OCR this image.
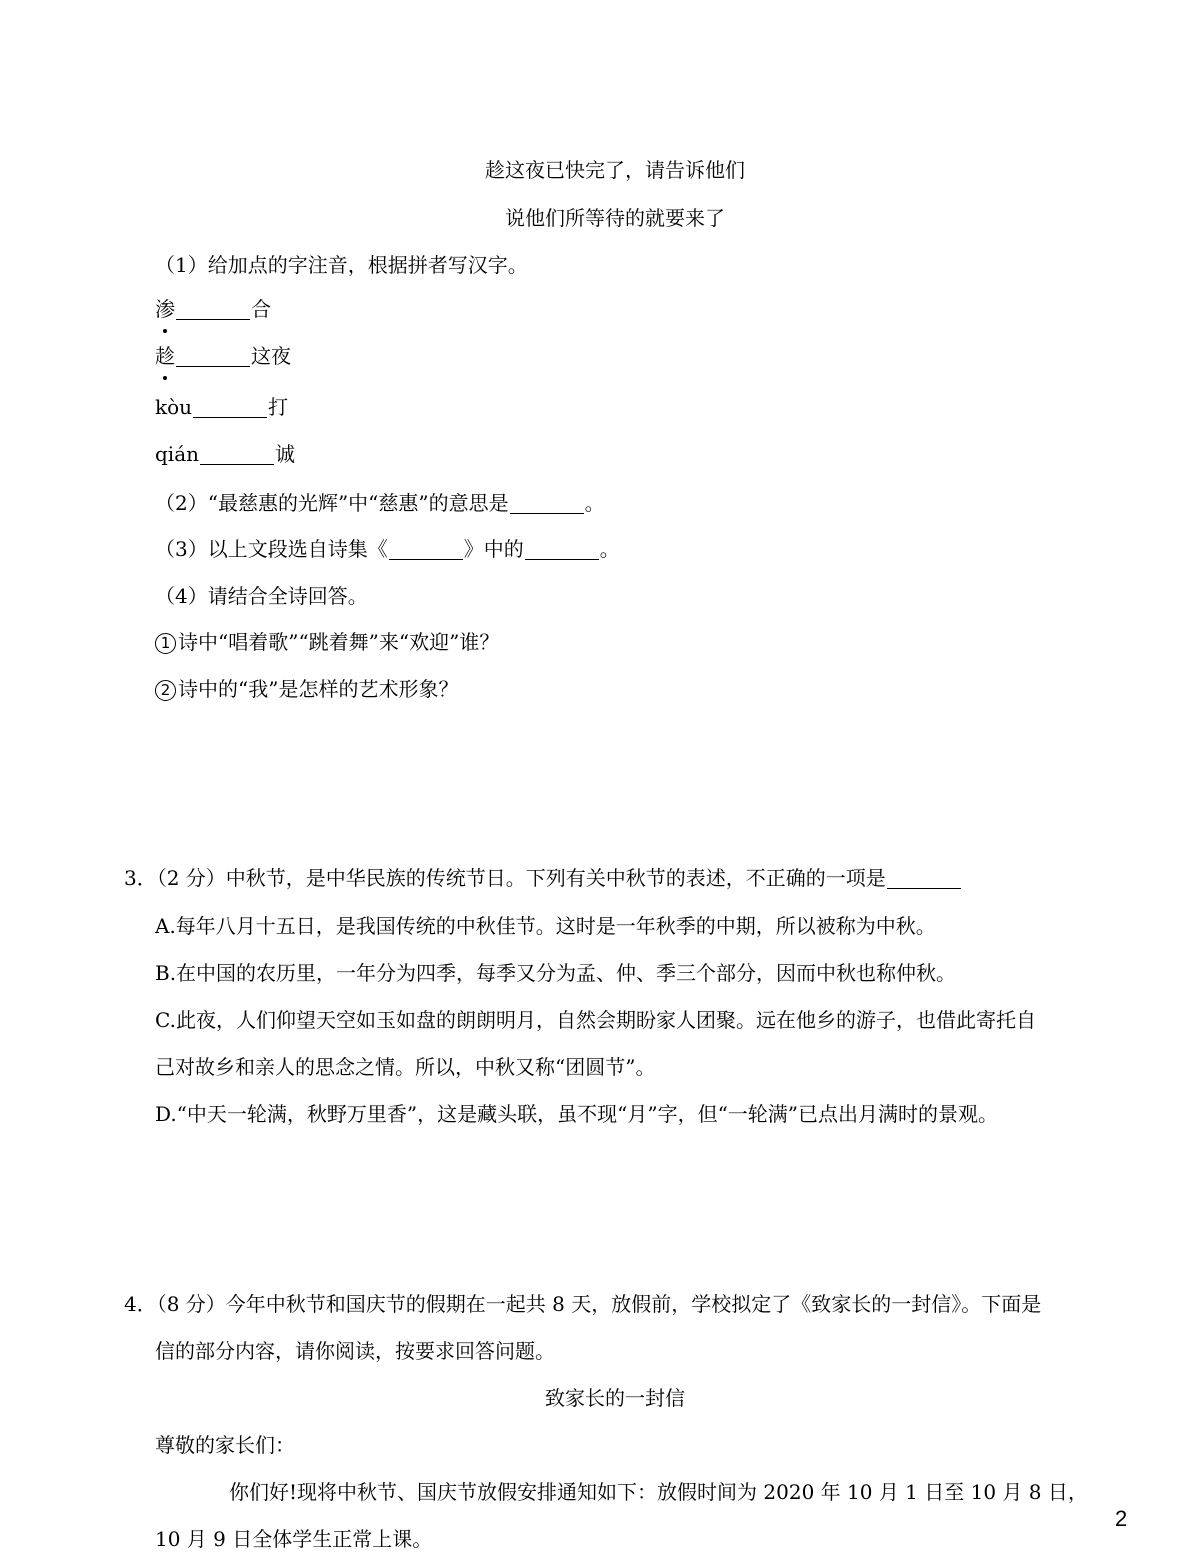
趁这夜已快完了，请告诉他们
说他们所等待的就要来了
（1）给加点的字注音，根据拼者写汉字。
渗	合
趁	这夜
kòu	打
qián	诚
（2）“最慈惠的光辉”中“慈惠”的意思是	。
（3）以上文段选自诗集《	》中的	。
（4）请结合全诗回答。
1 诗中“唱着歌”“跳着舞”来“欢迎”谁？
2 诗中的“我”是怎样的艺术形象？
3．（2 分）中秋节，是中华民族的传统节日。下列有关中秋节的表述，不正确的一项是
A.每年八月十五日，是我国传统的中秋佳节。这时是一年秋季的中期，所以被称为中秋。
B.在中国的农历里，一年分为四季，每季又分为孟、仲、季三个部分，因而中秋也称仲秋。
C.此夜，人们仰望天空如玉如盘的朗朗明月，自然会期盼家人团聚。远在他乡的游子，也借此寄托自
己对故乡和亲人的思念之情。所以，中秋又称“团圆节”。
D.“中天一轮满，秋野万里香”，这是藏头联，虽不现“月”字，但“一轮满”已点出月满时的景观。
4．（8 分）今年中秋节和国庆节的假期在一起共 8 天，放假前，学校拟定了《致家长的一封信》。下面是
信的部分内容，请你阅读，按要求回答问题。
致家长的一封信
尊敬的家长们：
你们好!现将中秋节、国庆节放假安排通知如下：放假时间为 2020 年 10 月 1 日至 10 月 8 日，
10 月 9 日全体学生正常上课。
2
